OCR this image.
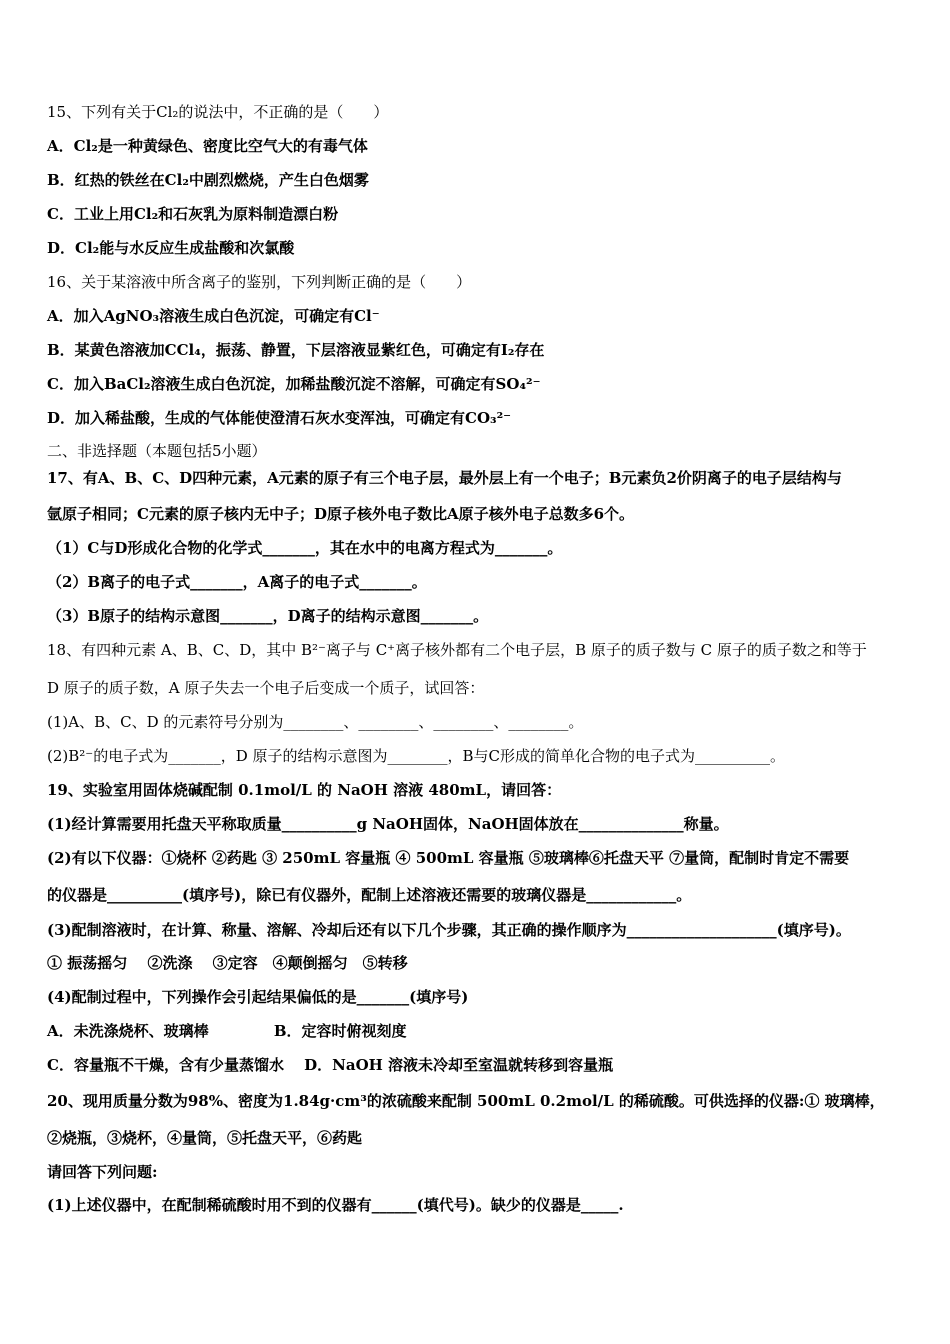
15、下列有关于Cl₂的说法中，不正确的是（　　）
A．Cl₂是一种黄绿色、密度比空气大的有毒气体
B．红热的铁丝在Cl₂中剧烈燃烧，产生白色烟雾
C．工业上用Cl₂和石灰乳为原料制造漂白粉
D．Cl₂能与水反应生成盐酸和次氯酸
16、关于某溶液中所含离子的鉴别，下列判断正确的是（　　）
A．加入AgNO₃溶液生成白色沉淀，可确定有Cl⁻
B．某黄色溶液加CCl₄，振荡、静置，下层溶液显紫红色，可确定有I₂存在
C．加入BaCl₂溶液生成白色沉淀，加稀盐酸沉淀不溶解，可确定有SO₄²⁻
D．加入稀盐酸，生成的气体能使澄清石灰水变浑浊，可确定有CO₃²⁻
二、非选择题（本题包括5小题）
17、有A、B、C、D四种元素，A元素的原子有三个电子层，最外层上有一个电子；B元素负2价阴离子的电子层结构与
氩原子相同；C元素的原子核内无中子；D原子核外电子数比A原子核外电子总数多6个。
（1）C与D形成化合物的化学式_______，其在水中的电离方程式为_______。
（2）B离子的电子式_______，A离子的电子式_______。
（3）B原子的结构示意图_______，D离子的结构示意图_______。
18、有四种元素 A、B、C、D，其中 B²⁻离子与 C⁺离子核外都有二个电子层，B 原子的质子数与 C 原子的质子数之和等于
D 原子的质子数，A 原子失去一个电子后变成一个质子，试回答：
(1)A、B、C、D 的元素符号分别为________、________、________、________。
(2)B²⁻的电子式为_______，D 原子的结构示意图为________，B与C形成的简单化合物的电子式为__________。
19、实验室用固体烧碱配制 0.1mol/L 的 NaOH 溶液 480mL，请回答：
(1)经计算需要用托盘天平称取质量__________g NaOH固体，NaOH固体放在______________称量。
(2)有以下仪器：①烧杯 ②药匙 ③ 250mL 容量瓶 ④ 500mL 容量瓶 ⑤玻璃棒⑥托盘天平 ⑦量筒，配制时肯定不需要
的仪器是__________(填序号)，除已有仪器外，配制上述溶液还需要的玻璃仪器是____________。
(3)配制溶液时，在计算、称量、溶解、冷却后还有以下几个步骤，其正确的操作顺序为____________________(填序号)。
① 振荡摇匀　 ②洗涤　 ③定容　④颠倒摇匀　⑤转移
(4)配制过程中，下列操作会引起结果偏低的是_______(填序号)
A．未洗涤烧杯、玻璃棒　　　　 B．定容时俯视刻度
C．容量瓶不干燥，含有少量蒸馏水　 D．NaOH 溶液未冷却至室温就转移到容量瓶
20、现用质量分数为98%、密度为1.84g·cm³的浓硫酸来配制 500mL 0.2mol/L 的稀硫酸。可供选择的仪器:① 玻璃棒，
②烧瓶，③烧杯，④量筒，⑤托盘天平，⑥药匙
请回答下列问题:
(1)上述仪器中，在配制稀硫酸时用不到的仪器有______(填代号)。缺少的仪器是_____.
